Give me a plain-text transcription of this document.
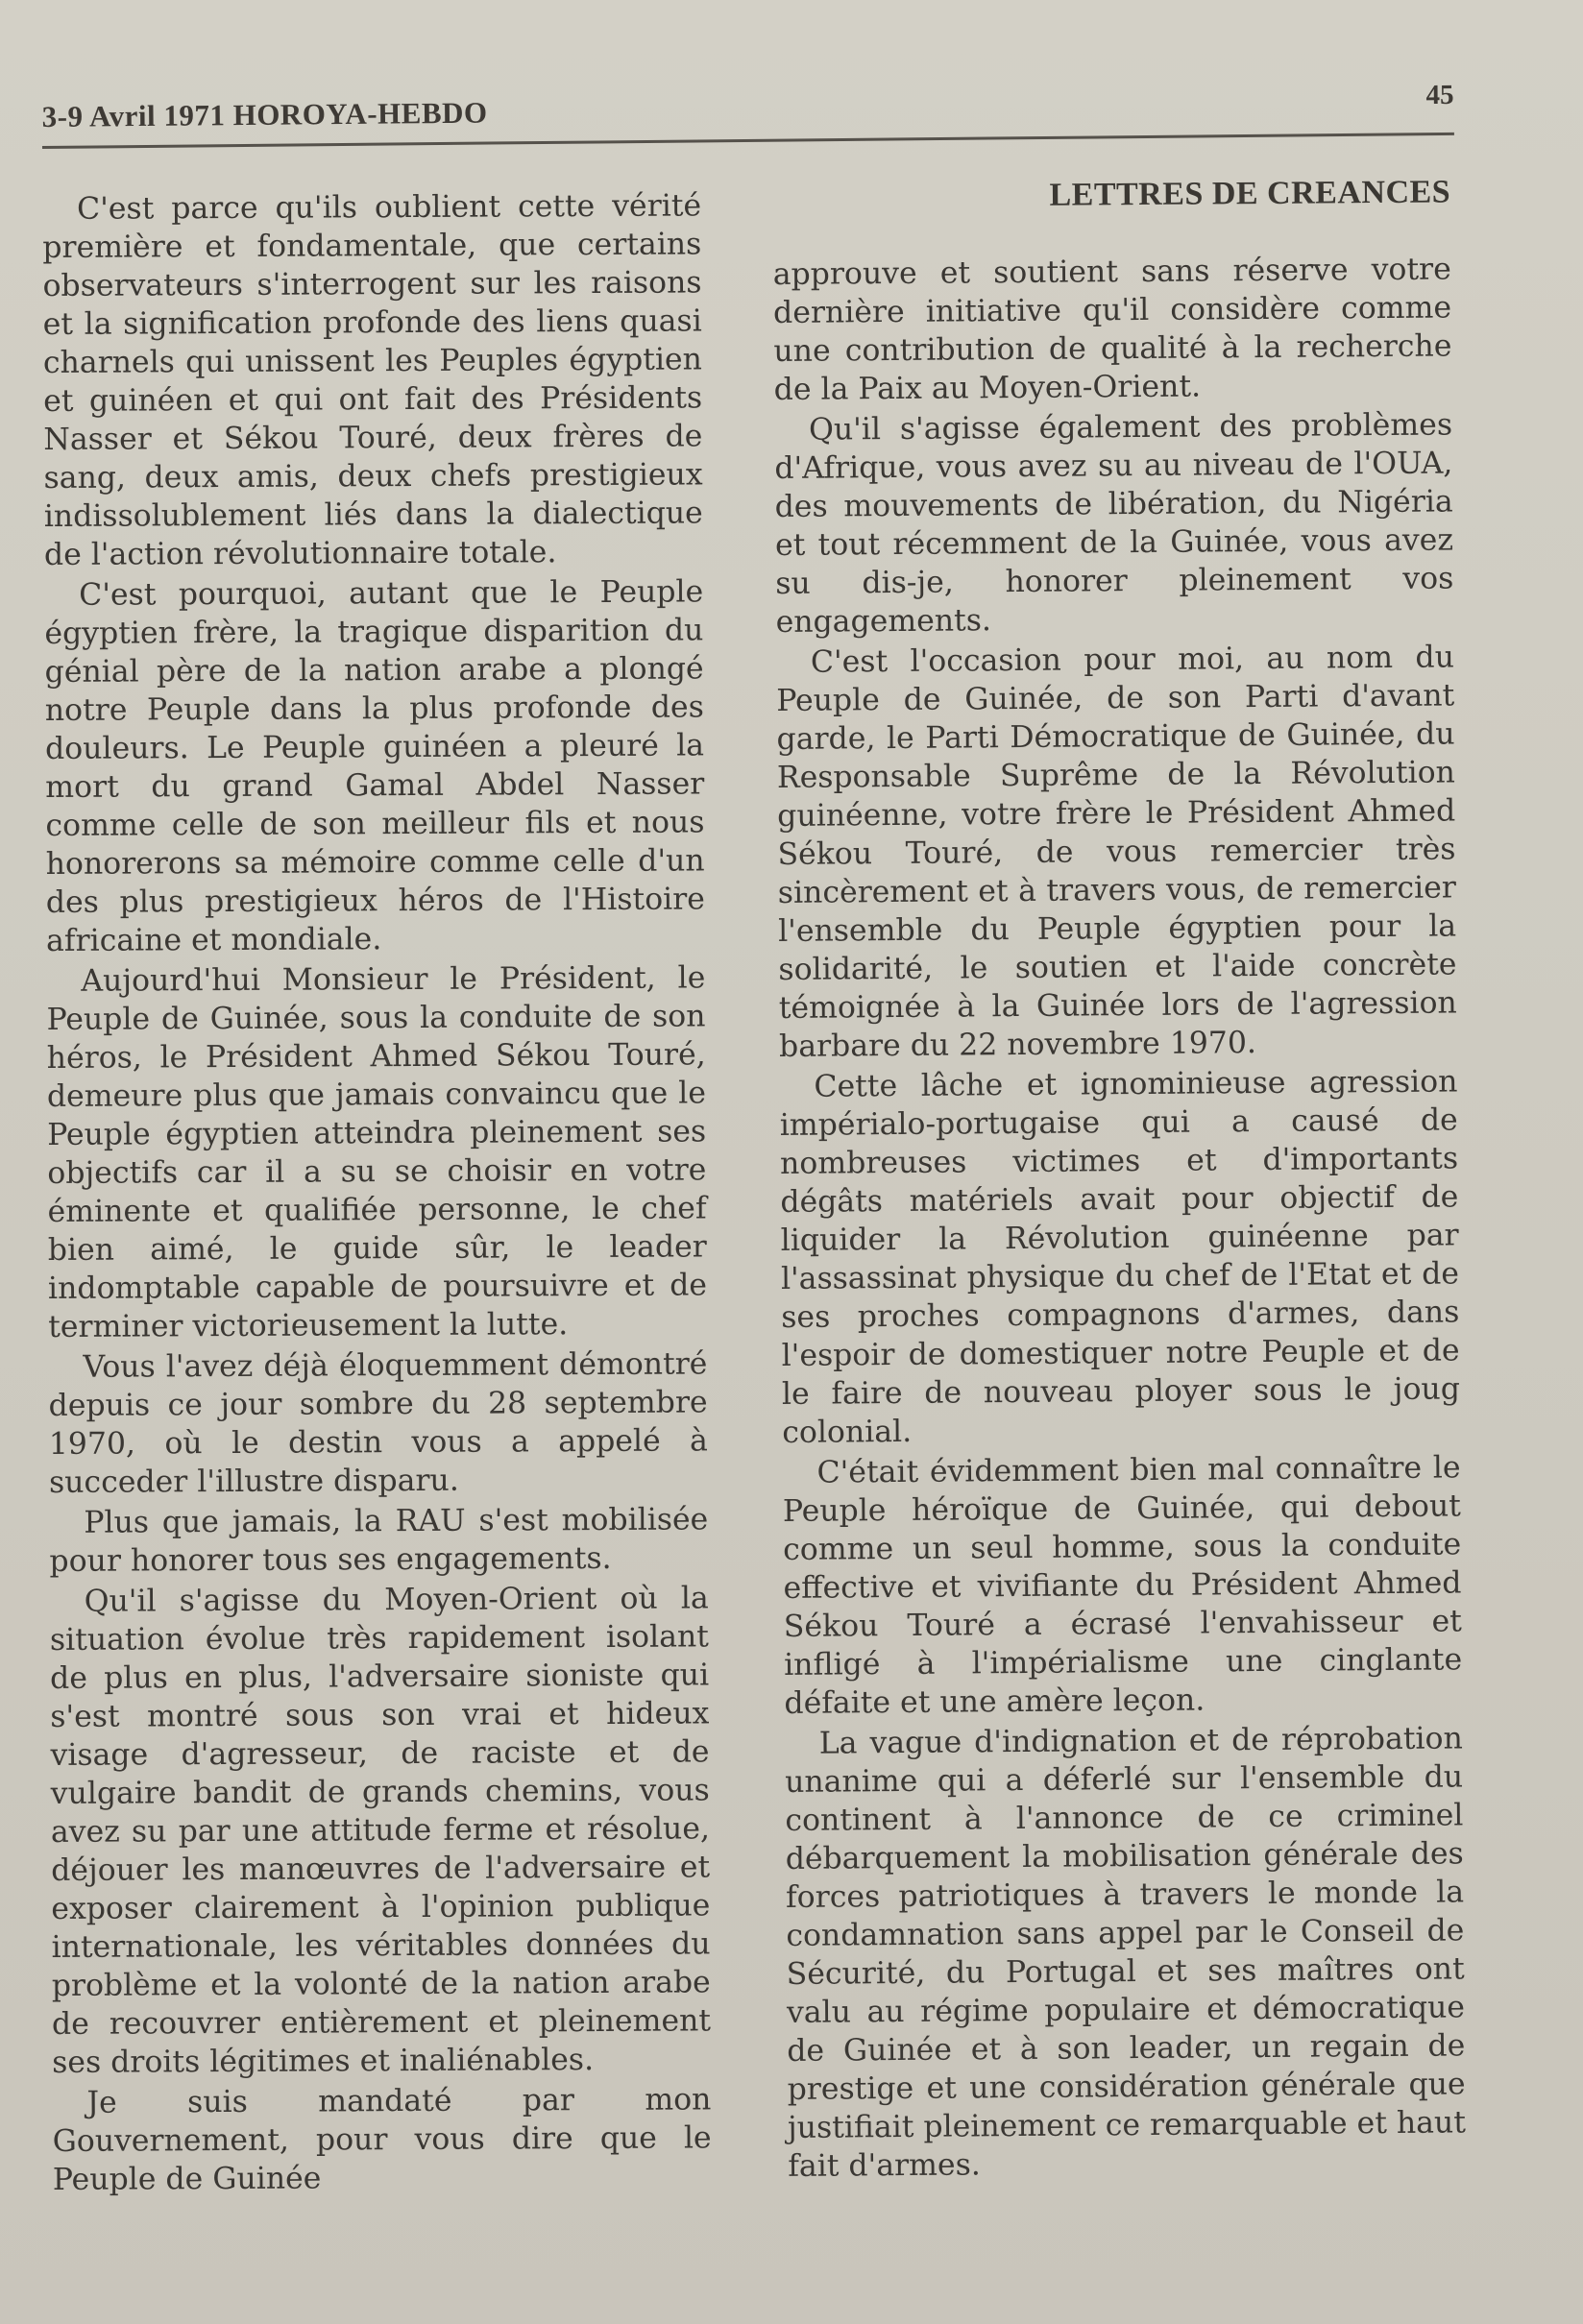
3-9 Avril 1971 HOROYA-HEBDO
45

C'est parce qu'ils oublient cette vérité première et fondamentale, que certains observateurs s'interrogent sur les raisons et la signification profonde des liens quasi charnels qui unissent les Peuples égyptien et guinéen et qui ont fait des Présidents Nasser et Sékou Touré, deux frères de sang, deux amis, deux chefs prestigieux indissolublement liés dans la dialectique de l'action révolutionnaire totale.

C'est pourquoi, autant que le Peuple égyptien frère, la tragique disparition du génial père de la nation arabe a plongé notre Peuple dans la plus profonde des douleurs. Le Peuple guinéen a pleuré la mort du grand Gamal Abdel Nasser comme celle de son meilleur fils et nous honorerons sa mémoire comme celle d'un des plus prestigieux héros de l'Histoire africaine et mondiale.

Aujourd'hui Monsieur le Président, le Peuple de Guinée, sous la conduite de son héros, le Président Ahmed Sékou Touré, demeure plus que jamais convaincu que le Peuple égyptien atteindra pleinement ses objectifs car il a su se choisir en votre éminente et qualifiée personne, le chef bien aimé, le guide sûr, le leader indomptable capable de poursuivre et de terminer victorieusement la lutte.

Vous l'avez déjà éloquemment démontré depuis ce jour sombre du 28 septembre 1970, où le destin vous a appelé à succeder l'illustre disparu.

Plus que jamais, la RAU s'est mobilisée pour honorer tous ses engagements.

Qu'il s'agisse du Moyen-Orient où la situation évolue très rapidement isolant de plus en plus, l'adversaire sioniste qui s'est montré sous son vrai et hideux visage d'agresseur, de raciste et de vulgaire bandit de grands chemins, vous avez su par une attitude ferme et résolue, déjouer les manœuvres de l'adversaire et exposer clairement à l'opinion publique internationale, les véritables données du problème et la volonté de la nation arabe de recouvrer entièrement et pleinement ses droits légitimes et inaliénables.

Je suis mandaté par mon Gouvernement, pour vous dire que le Peuple de Guinée

LETTRES DE CREANCES

approuve et soutient sans réserve votre dernière initiative qu'il considère comme une contribution de qualité à la recherche de la Paix au Moyen-Orient.

Qu'il s'agisse également des problèmes d'Afrique, vous avez su au niveau de l'OUA, des mouvements de libération, du Nigéria et tout récemment de la Guinée, vous avez su dis-je, honorer pleinement vos engagements.

C'est l'occasion pour moi, au nom du Peuple de Guinée, de son Parti d'avant garde, le Parti Démocratique de Guinée, du Responsable Suprême de la Révolution guinéenne, votre frère le Président Ahmed Sékou Touré, de vous remercier très sincèrement et à travers vous, de remercier l'ensemble du Peuple égyptien pour la solidarité, le soutien et l'aide concrète témoignée à la Guinée lors de l'agression barbare du 22 novembre 1970.

Cette lâche et ignominieuse agression impérialo-portugaise qui a causé de nombreuses victimes et d'importants dégâts matériels avait pour objectif de liquider la Révolution guinéenne par l'assassinat physique du chef de l'Etat et de ses proches compagnons d'armes, dans l'espoir de domestiquer notre Peuple et de le faire de nouveau ployer sous le joug colonial.

C'était évidemment bien mal connaître le Peuple héroïque de Guinée, qui debout comme un seul homme, sous la conduite effective et vivifiante du Président Ahmed Sékou Touré a écrasé l'envahisseur et infligé à l'impérialisme une cinglante défaite et une amère leçon.

La vague d'indignation et de réprobation unanime qui a déferlé sur l'ensemble du continent à l'annonce de ce criminel débarquement la mobilisation générale des forces patriotiques à travers le monde la condamnation sans appel par le Conseil de Sécurité, du Portugal et ses maîtres ont valu au régime populaire et démocratique de Guinée et à son leader, un regain de prestige et une considération générale que justifiait pleinement ce remarquable et haut fait d'armes.
